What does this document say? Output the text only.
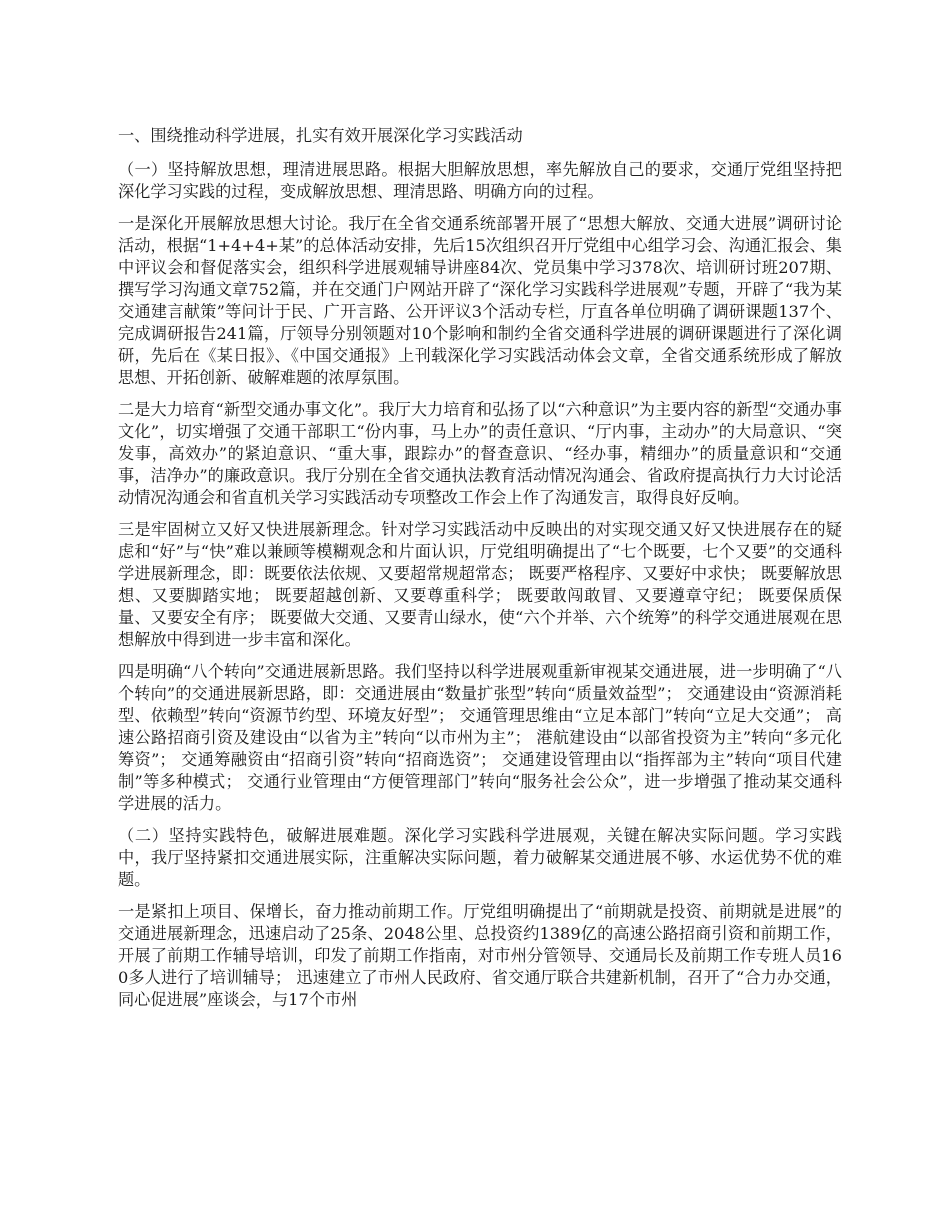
一、围绕推动科学进展，扎实有效开展深化学习实践活动

（一）坚持解放思想，理清进展思路。根据大胆解放思想，率先解放自己的要求，交通厅党组坚持把深化学习实践的过程，变成解放思想、理清思路、明确方向的过程。

一是深化开展解放思想大讨论。我厅在全省交通系统部署开展了“思想大解放、交通大进展”调研讨论活动，根据“1+4+4+某”的总体活动安排，先后15次组织召开厅党组中心组学习会、沟通汇报会、集中评议会和督促落实会，组织科学进展观辅导讲座84次、党员集中学习378次、培训研讨班207期、撰写学习沟通文章752篇，并在交通门户网站开辟了“深化学习实践科学进展观”专题，开辟了“我为某交通建言献策”等问计于民、广开言路、公开评议3个活动专栏，厅直各单位明确了调研课题137个、完成调研报告241篇，厅领导分别领题对10个影响和制约全省交通科学进展的调研课题进行了深化调研，先后在《某日报》、《中国交通报》上刊载深化学习实践活动体会文章，全省交通系统形成了解放思想、开拓创新、破解难题的浓厚氛围。

二是大力培育“新型交通办事文化”。我厅大力培育和弘扬了以“六种意识”为主要内容的新型“交通办事文化”，切实增强了交通干部职工“份内事，马上办”的责任意识、“厅内事，主动办”的大局意识、“突发事，高效办”的紧迫意识、“重大事，跟踪办”的督查意识、“经办事，精细办”的质量意识和“交通事，洁净办”的廉政意识。我厅分别在全省交通执法教育活动情况沟通会、省政府提高执行力大讨论活动情况沟通会和省直机关学习实践活动专项整改工作会上作了沟通发言，取得良好反响。

三是牢固树立又好又快进展新理念。针对学习实践活动中反映出的对实现交通又好又快进展存在的疑虑和“好”与“快”难以兼顾等模糊观念和片面认识，厅党组明确提出了“七个既要，七个又要”的交通科学进展新理念，即：既要依法依规、又要超常规超常态； 既要严格程序、又要好中求快； 既要解放思想、又要脚踏实地； 既要超越创新、又要尊重科学； 既要敢闯敢冒、又要遵章守纪； 既要保质保量、又要安全有序； 既要做大交通、又要青山绿水，使“六个并举、六个统筹”的科学交通进展观在思想解放中得到进一步丰富和深化。

四是明确“八个转向”交通进展新思路。我们坚持以科学进展观重新审视某交通进展，进一步明确了“八个转向”的交通进展新思路，即：交通进展由“数量扩张型”转向“质量效益型”； 交通建设由“资源消耗型、依赖型”转向“资源节约型、环境友好型”； 交通管理思维由“立足本部门”转向“立足大交通”； 高速公路招商引资及建设由“以省为主”转向“以市州为主”； 港航建设由“以部省投资为主”转向“多元化筹资”； 交通筹融资由“招商引资”转向“招商选资”； 交通建设管理由以“指挥部为主”转向“项目代建制”等多种模式； 交通行业管理由“方便管理部门”转向“服务社会公众”，进一步增强了推动某交通科学进展的活力。

（二）坚持实践特色，破解进展难题。深化学习实践科学进展观，关键在解决实际问题。学习实践中，我厅坚持紧扣交通进展实际，注重解决实际问题，着力破解某交通进展不够、水运优势不优的难题。

一是紧扣上项目、保增长，奋力推动前期工作。厅党组明确提出了“前期就是投资、前期就是进展”的交通进展新理念，迅速启动了25条、2048公里、总投资约1389亿的高速公路招商引资和前期工作，开展了前期工作辅导培训，印发了前期工作指南，对市州分管领导、交通局长及前期工作专班人员160多人进行了培训辅导； 迅速建立了市州人民政府、省交通厅联合共建新机制，召开了“合力办交通，同心促进展”座谈会，与17个市州
